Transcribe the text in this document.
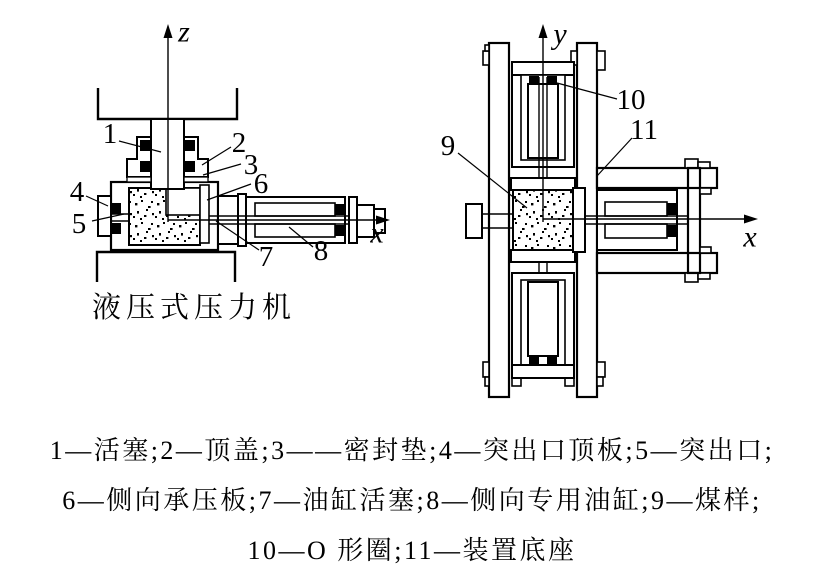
1	2
3
4
5
6
7 8
z
x
9
10
11
y
x
液压式压力机
1—活塞;2—顶盖;3——密封垫;4—突出口顶板;5—突出口;
6—侧向承压板;7—油缸活塞;8—侧向专用油缸;9—煤样;
10—O 形圈;11—装置底座
